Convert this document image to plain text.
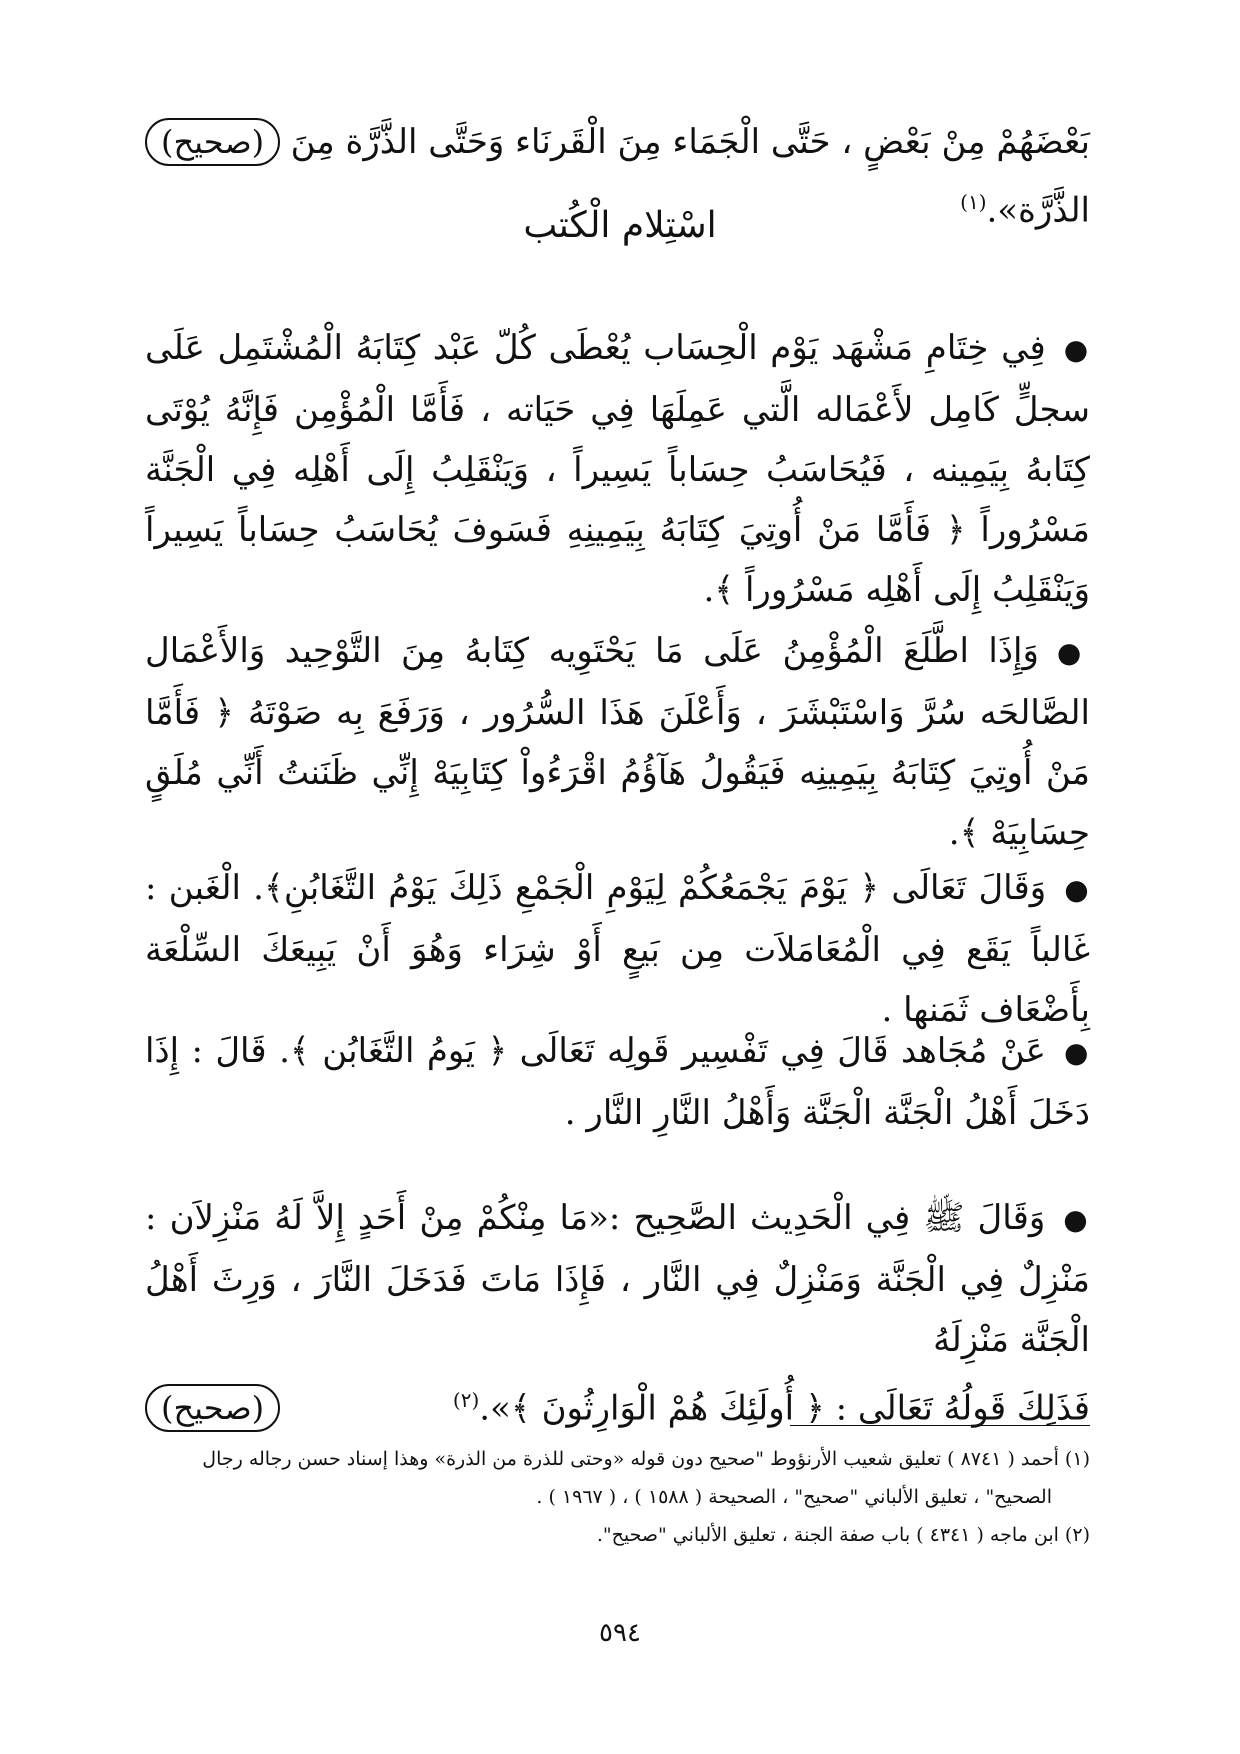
بَعْضَهُمْ مِنْ بَعْضٍ ، حَتَّى الْجَمَاء مِنَ الْقَرنَاء وَحَتَّى الذَّرَّة مِنَ الذَّرَّة».$^{(١)}$
(صحيح)
اسْتِلام الْكُتب

●فِي خِتَامِ مَشْهَد يَوْم الْحِسَاب يُعْطَى كُلّ عَبْد كِتَابَهُ الْمُشْتَمِل عَلَى سجلٍّ كَامِل لأَعْمَاله الَّتي عَمِلَهَا فِي حَيَاته ، فَأَمَّا الْمُؤْمِن فَإِنَّهُ يُوْتَى كِتَابهُ بِيَمِينه ، فَيُحَاسَبُ حِسَاباً يَسِيراً ، وَيَنْقَلِبُ إِلَى أَهْلِه فِي الْجَنَّة مَسْرُوراً ﴿ فَأَمَّا مَنْ أُوتِيَ كِتَابَهُ بِيَمِينِهِ فَسَوفَ يُحَاسَبُ حِسَاباً يَسِيراً وَيَنْقَلِبُ إِلَى أَهْلِه مَسْرُوراً ﴾.

●وَإِذَا اطَّلَعَ الْمُؤْمِنُ عَلَى مَا يَحْتَوِيه كِتَابهُ مِنَ التَّوْحِيد وَالأَعْمَال الصَّالحَه سُرَّ وَاسْتَبْشَرَ ، وَأَعْلَنَ هَذَا السُّرُور ، وَرَفَعَ بِه صَوْتَهُ ﴿ فَأَمَّا مَنْ أُوتِيَ كِتَابَهُ بِيَمِينِه فَيَقُولُ هَآؤُمُ اقْرَءُواْ كِتَابِيَهْ إِنِّي ظَنَنتُ أَنِّي مُلَقٍ حِسَابِيَهْ ﴾.

●وَقَالَ تَعَالَى ﴿ يَوْمَ يَجْمَعُكُمْ لِيَوْمِ الْجَمْعِ ذَلِكَ يَوْمُ التَّغَابُنِ﴾. الْغَبن : غَالباً يَقَع فِي الْمُعَامَلاَت مِن بَيعٍ أَوْ شِرَاء وَهُوَ أَنْ يَبِيعَكَ السِّلْعَة بِأَضْعَاف ثَمَنها .

●عَنْ مُجَاهد قَالَ فِي تَفْسِير قَولِه تَعَالَى ﴿ يَومُ التَّغَابُن ﴾. قَالَ : إِذَا دَخَلَ أَهْلُ الْجَنَّة الْجَنَّة وَأَهْلُ النَّارِ النَّار .

●وَقَالَ ﷺ فِي الْحَدِيث الصَّحِيح :«مَا مِنْكُمْ مِنْ أَحَدٍ إِلاَّ لَهُ مَنْزِلاَن : مَنْزِلٌ فِي الْجَنَّة وَمَنْزِلٌ فِي النَّار ، فَإِذَا مَاتَ فَدَخَلَ النَّارَ ، وَرِثَ أَهْلُ الْجَنَّة مَنْزِلَهُ

فَذَلِكَ قَولُهُ تَعَالَى : ﴿ أُولَئِكَ هُمْ الْوَارِثُونَ ﴾».$^{(٢)}$
(صحيح)

(١) أحمد ( ٨٧٤١ ) تعليق شعيب الأرنؤوط "صحيح دون قوله «وحتى للذرة من الذرة» وهذا إسناد حسن رجاله رجال

الصحيح" ، تعليق الألباني "صحيح" ، الصحيحة ( ١٥٨٨ ) ، ( ١٩٦٧ ) .

(٢) ابن ماجه ( ٤٣٤١ ) باب صفة الجنة ، تعليق الألباني "صحيح".

٥٩٤
